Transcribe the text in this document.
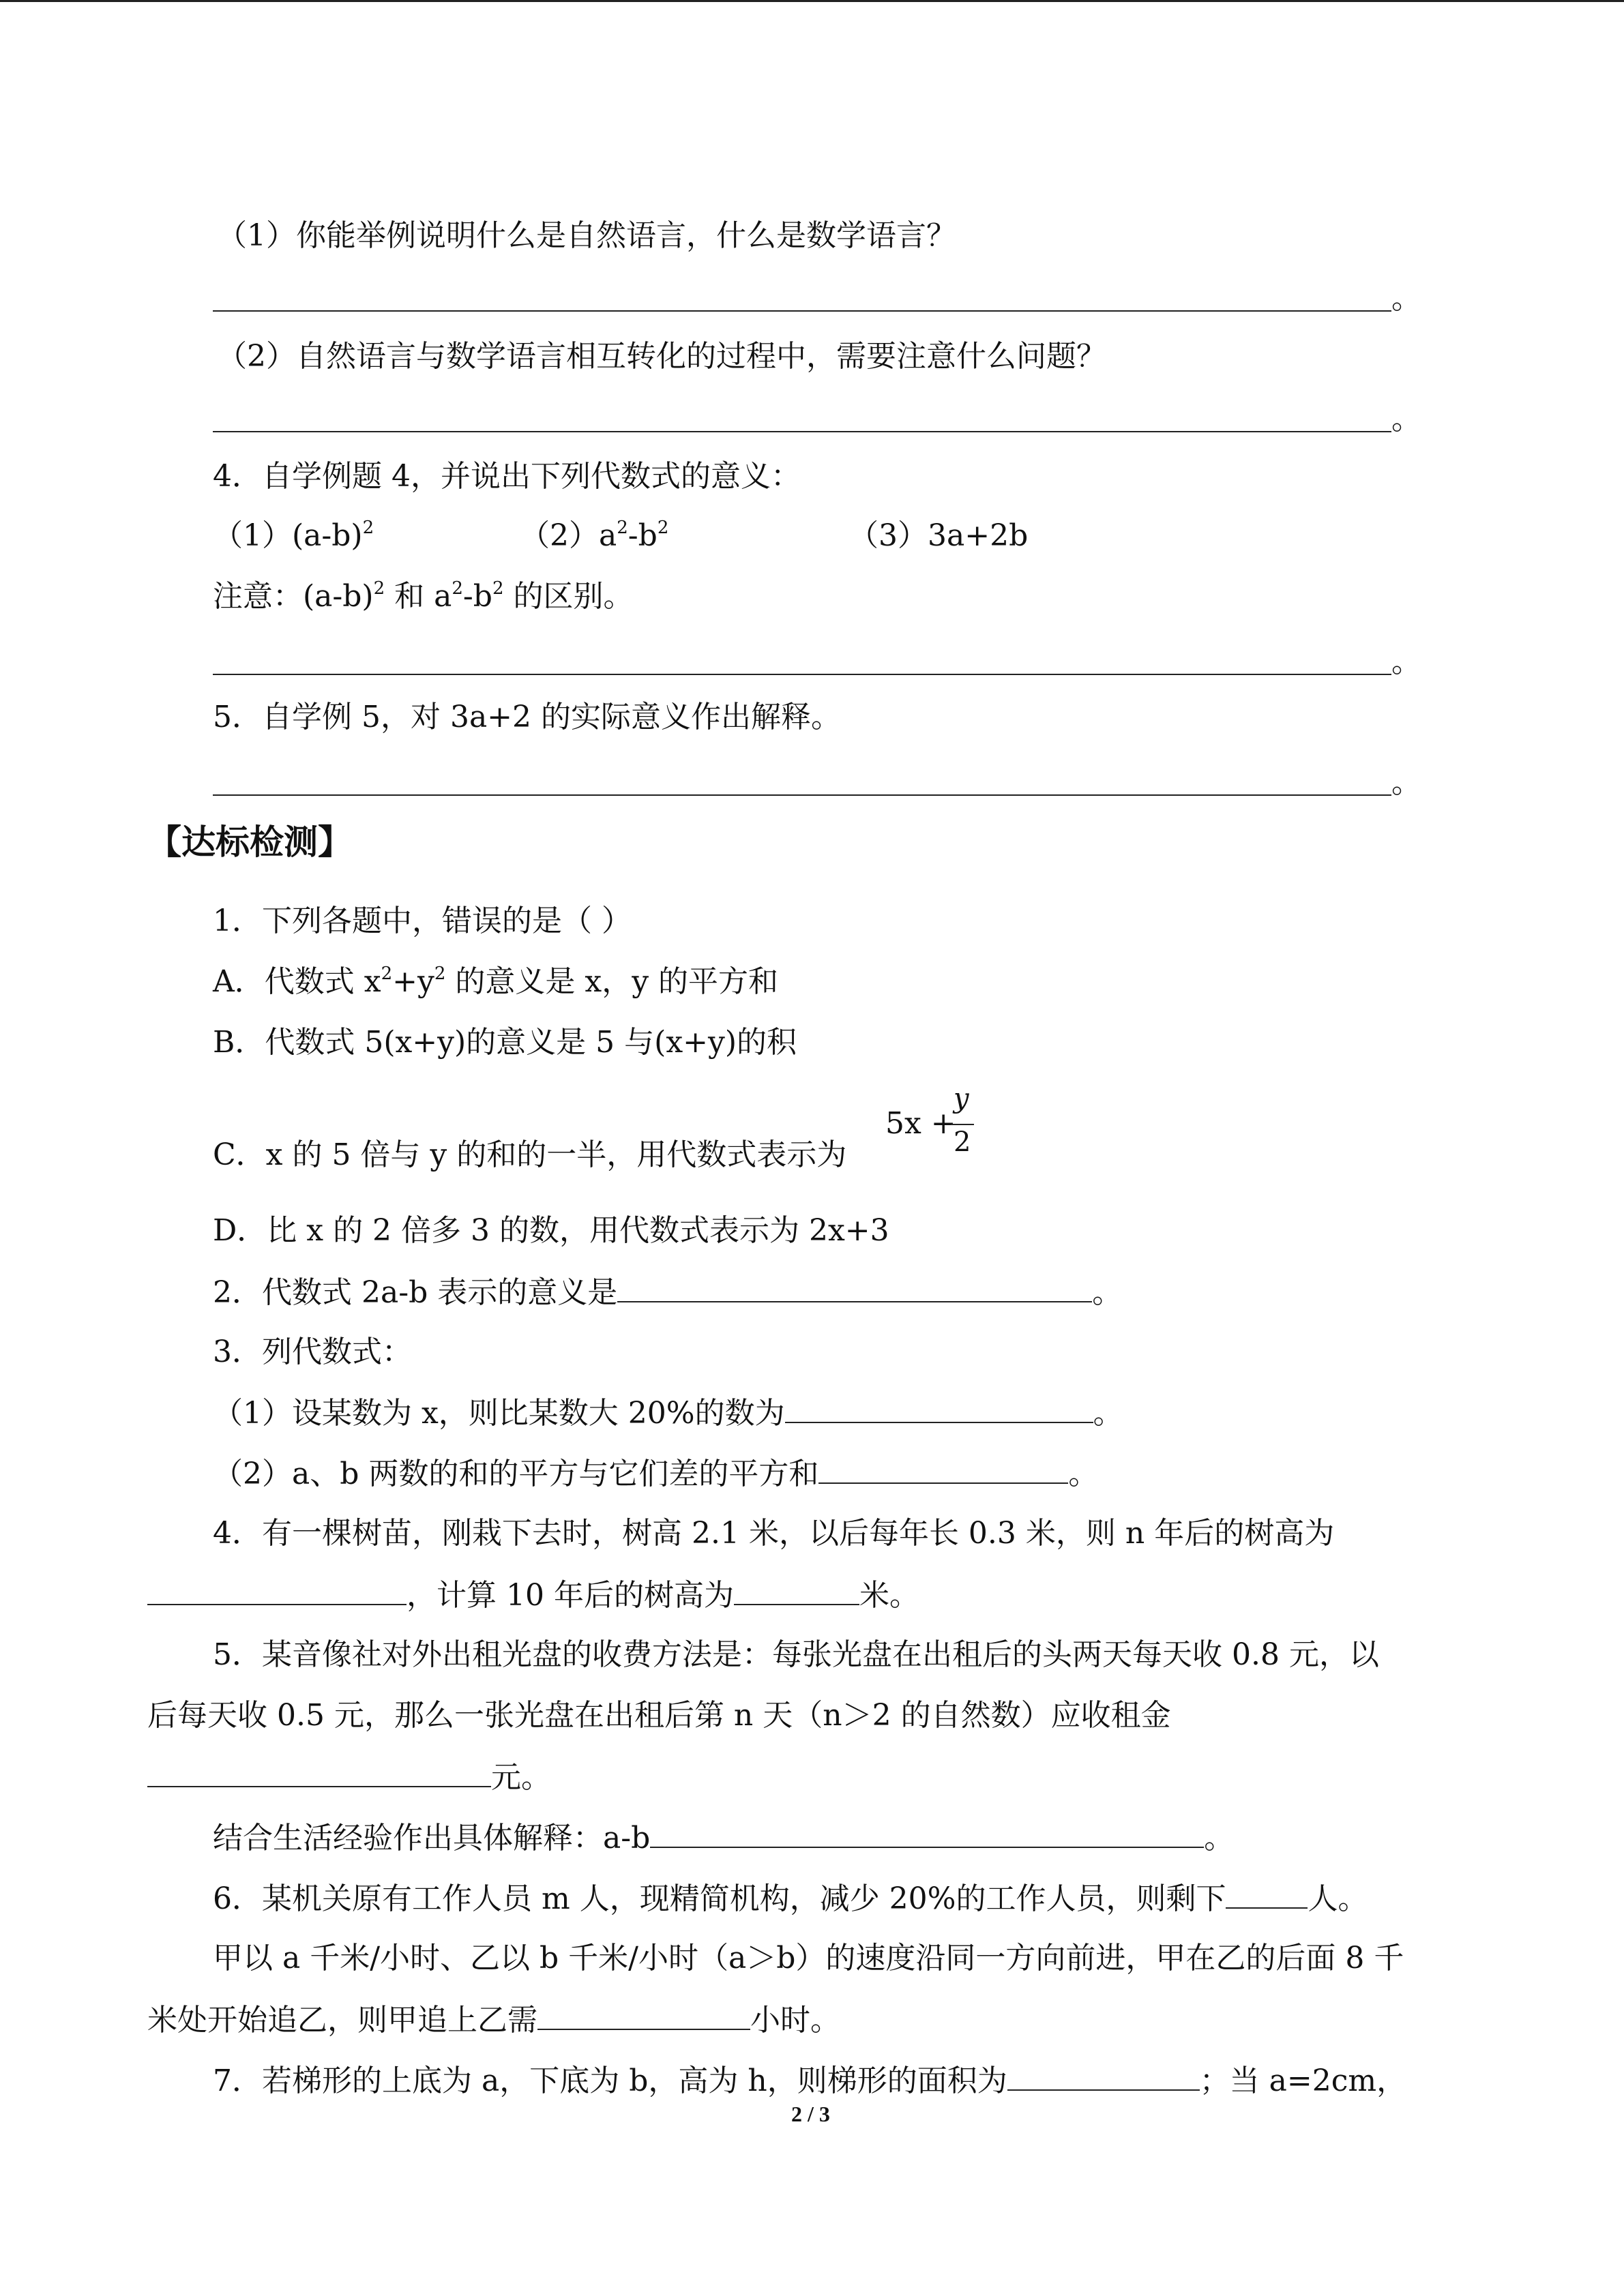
（1）你能举例说明什么是自然语言，什么是数学语言？
。
（2）自然语言与数学语言相互转化的过程中，需要注意什么问题？
。
4．自学例题 4，并说出下列代数式的意义：
$(1)(a-b)^2$	$(2)a^2-b^2$	（3）3a+2b
注意：$(a-b)^2$ 和 $a^2-b^2$ 的区别。
。
5．自学例 5，对 3a+2 的实际意义作出解释。
。
【达标检测】
1．下列各题中，错误的是（ ）
A．代数式 $x^2+y^2$ 的意义是 x，y 的平方和
B．代数式 5(x+y)的意义是 5 与(x+y)的积
C．x 的 5 倍与 y 的和的一半，用代数式表示为
5x +
y
2
D．比 x 的 2 倍多 3 的数，用代数式表示为 2x+3
2．代数式 2a-b 表示的意义是	。
3．列代数式：
（1）设某数为 x，则比某数大 20%的数为	。
（2）a、b 两数的和的平方与它们差的平方和	。
4．有一棵树苗，刚栽下去时，树高 2.1 米，以后每年长 0.3 米，则 n 年后的树高为
，计算 10 年后的树高为	米。
5．某音像社对外出租光盘的收费方法是：每张光盘在出租后的头两天每天收 0.8 元，以
后每天收 0.5 元，那么一张光盘在出租后第 n 天（n＞2 的自然数）应收租金
元。
结合生活经验作出具体解释：a-b	。
6．某机关原有工作人员 m 人，现精简机构，减少 20%的工作人员，则剩下	人。
甲以 a 千米/小时、乙以 b 千米/小时（a＞b）的速度沿同一方向前进，甲在乙的后面 8 千
米处开始追乙，则甲追上乙需	小时。
7．若梯形的上底为 a，下底为 b，高为 h，则梯形的面积为	；当 a=2cm，
2 / 3
